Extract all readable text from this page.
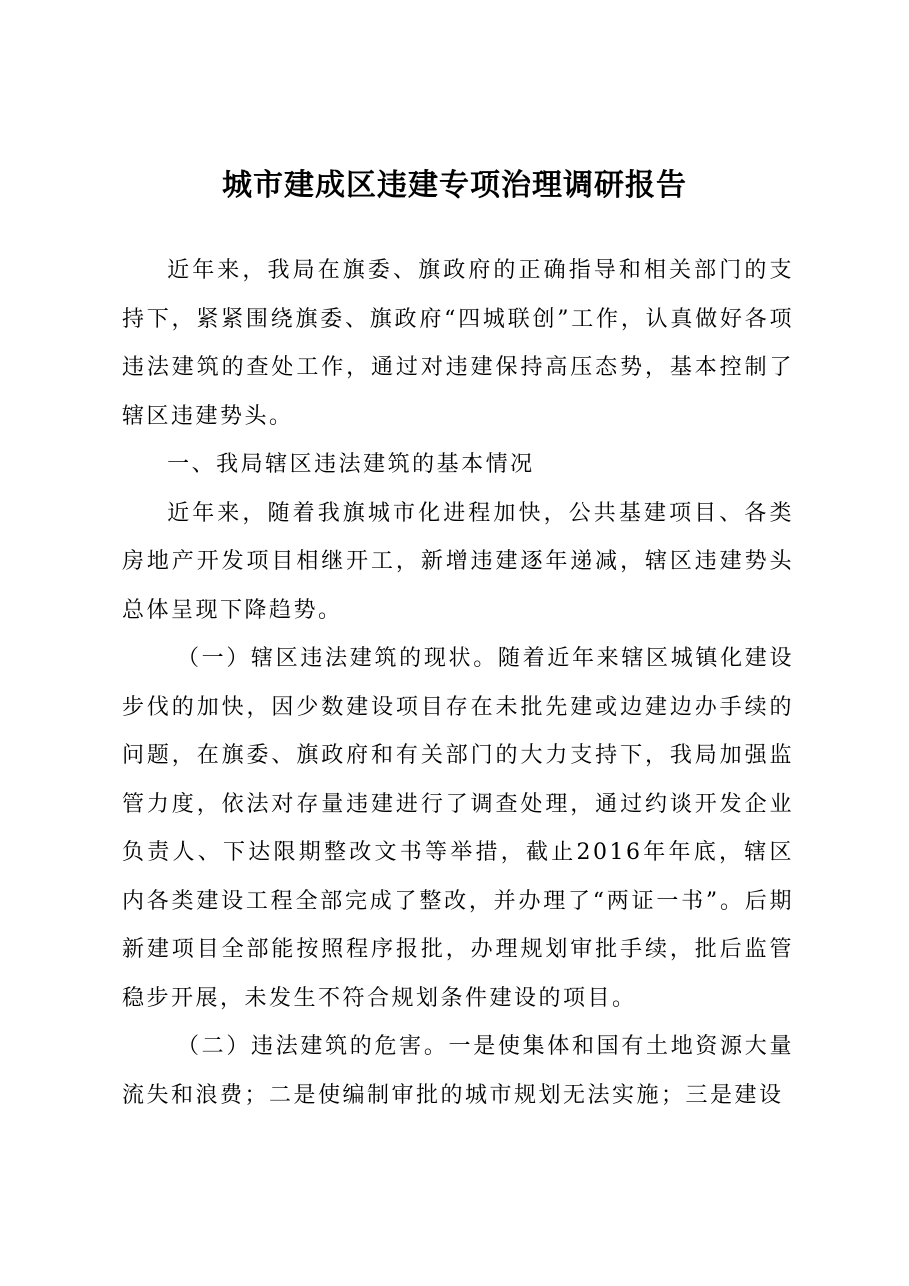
城市建成区违建专项治理调研报告

近年来，我局在旗委、旗政府的正确指导和相关部门的支持下，紧紧围绕旗委、旗政府“四城联创”工作，认真做好各项违法建筑的查处工作，通过对违建保持高压态势，基本控制了辖区违建势头。

一、我局辖区违法建筑的基本情况

近年来，随着我旗城市化进程加快，公共基建项目、各类房地产开发项目相继开工，新增违建逐年递减，辖区违建势头总体呈现下降趋势。

（一）辖区违法建筑的现状。随着近年来辖区城镇化建设步伐的加快，因少数建设项目存在未批先建或边建边办手续的问题，在旗委、旗政府和有关部门的大力支持下，我局加强监管力度，依法对存量违建进行了调查处理，通过约谈开发企业负责人、下达限期整改文书等举措，截止2016年年底，辖区内各类建设工程全部完成了整改，并办理了“两证一书”。后期新建项目全部能按照程序报批，办理规划审批手续，批后监管稳步开展，未发生不符合规划条件建设的项目。

（二）违法建筑的危害。一是使集体和国有土地资源大量流失和浪费；二是使编制审批的城市规划无法实施；三是建设
